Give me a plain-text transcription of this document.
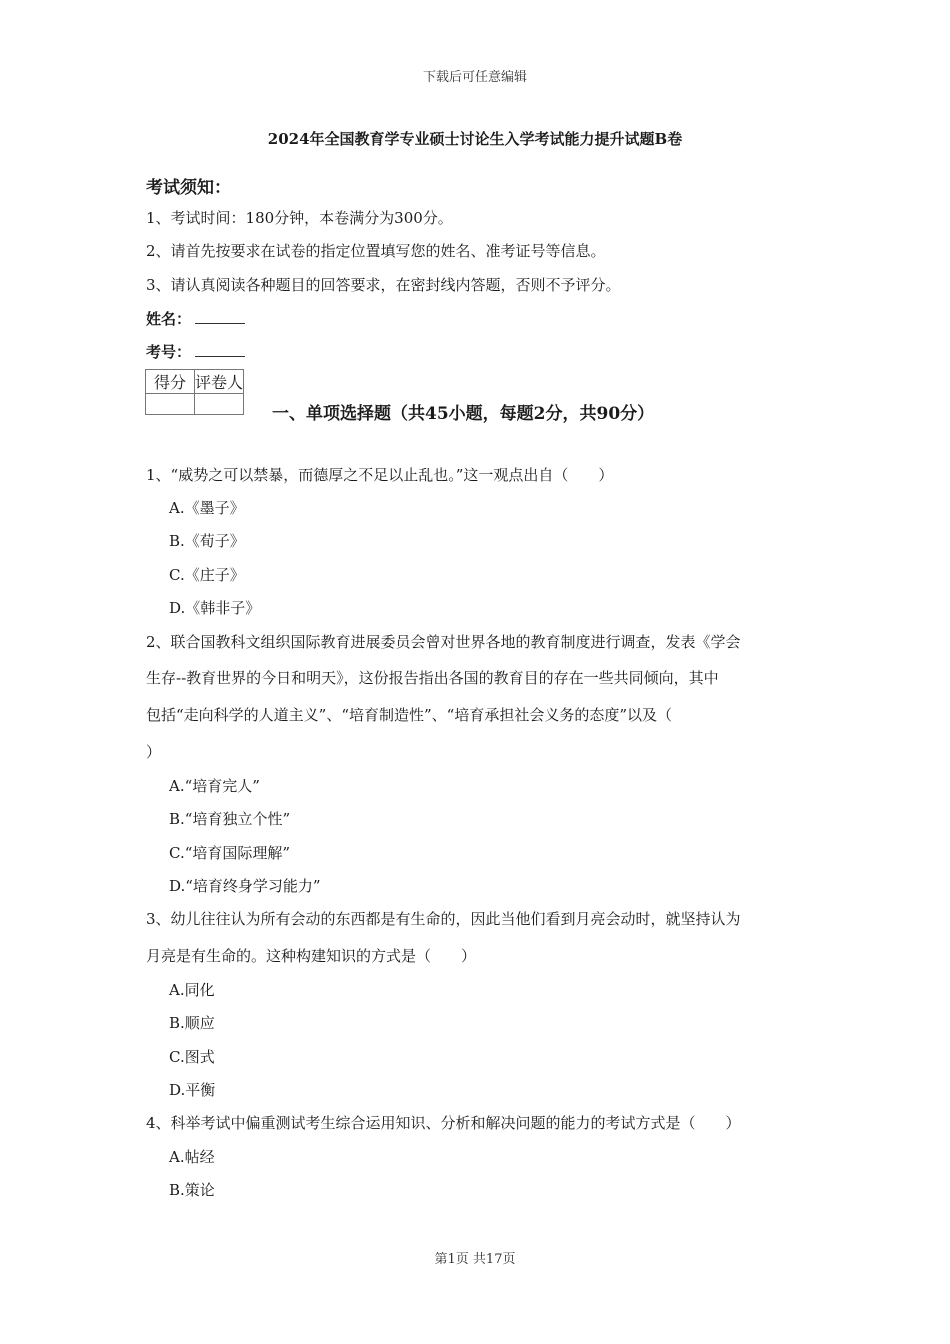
下载后可任意编辑
2024年全国教育学专业硕士讨论生入学考试能力提升试题B卷
考试须知：
1、考试时间：180分钟，本卷满分为300分。
2、请首先按要求在试卷的指定位置填写您的姓名、准考证号等信息。
3、请认真阅读各种题目的回答要求，在密封线内答题，否则不予评分。
姓名：
考号：
得分	评卷人

一、单项选择题（共45小题，每题2分，共90分）
1、“威势之可以禁暴，而德厚之不足以止乱也。”这一观点出自（　　）
A.《墨子》
B.《荀子》
C.《庄子》
D.《韩非子》
2、联合国教科文组织国际教育进展委员会曾对世界各地的教育制度进行调查，发表《学会
生存--教育世界的今日和明天》，这份报告指出各国的教育目的存在一些共同倾向，其中
包括“走向科学的人道主义”、“培育制造性”、“培育承担社会义务的态度”以及（
）
A.“培育完人”
B.“培育独立个性”
C.“培育国际理解”
D.“培育终身学习能力”
3、幼儿往往认为所有会动的东西都是有生命的，因此当他们看到月亮会动时，就坚持认为
月亮是有生命的。这种构建知识的方式是（　　）
A.同化
B.顺应
C.图式
D.平衡
4、科举考试中偏重测试考生综合运用知识、分析和解决问题的能力的考试方式是（　　）
A.帖经
B.策论
第1页 共17页
